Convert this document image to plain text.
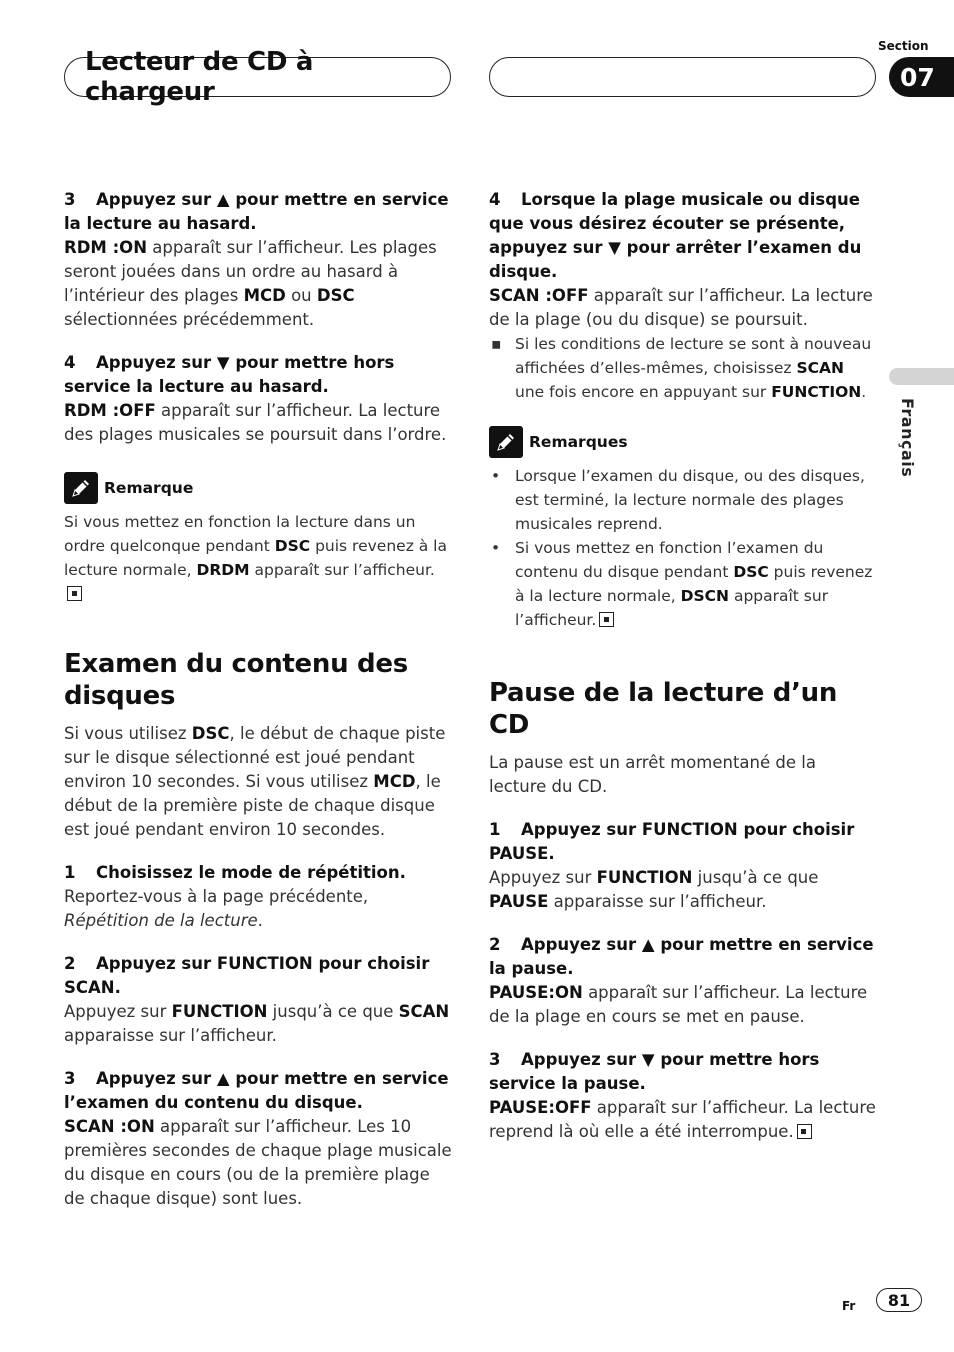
Lecteur de CD à chargeur
Section
07
Français
3 Appuyez sur ▲ pour mettre en service la lecture au hasard.
RDM :ON apparaît sur l’afficheur. Les plages seront jouées dans un ordre au hasard à l’intérieur des plages MCD ou DSC sélectionnées précédemment.
4 Appuyez sur ▼ pour mettre hors service la lecture au hasard.
RDM :OFF apparaît sur l’afficheur. La lecture des plages musicales se poursuit dans l’ordre.
Remarque
Si vous mettez en fonction la lecture dans un ordre quelconque pendant DSC puis revenez à la lecture normale, DRDM apparaît sur l’afficheur.
Examen du contenu des disques
Si vous utilisez DSC, le début de chaque piste sur le disque sélectionné est joué pendant environ 10 secondes. Si vous utilisez MCD, le début de la première piste de chaque disque est joué pendant environ 10 secondes.
1 Choisissez le mode de répétition.
Reportez-vous à la page précédente, Répétition de la lecture.
2 Appuyez sur FUNCTION pour choisir SCAN.
Appuyez sur FUNCTION jusqu’à ce que SCAN apparaisse sur l’afficheur.
3 Appuyez sur ▲ pour mettre en service l’examen du contenu du disque.
SCAN :ON apparaît sur l’afficheur. Les 10 premières secondes de chaque plage musicale du disque en cours (ou de la première plage de chaque disque) sont lues.
4 Lorsque la plage musicale ou disque que vous désirez écouter se présente, appuyez sur ▼ pour arrêter l’examen du disque.
SCAN :OFF apparaît sur l’afficheur. La lecture de la plage (ou du disque) se poursuit.
▪ Si les conditions de lecture se sont à nouveau affichées d’elles-mêmes, choisissez SCAN une fois encore en appuyant sur FUNCTION.
Remarques
• Lorsque l’examen du disque, ou des disques, est terminé, la lecture normale des plages musicales reprend.
• Si vous mettez en fonction l’examen du contenu du disque pendant DSC puis revenez à la lecture normale, DSCN apparaît sur l’afficheur.
Pause de la lecture d’un CD
La pause est un arrêt momentané de la lecture du CD.
1 Appuyez sur FUNCTION pour choisir PAUSE.
Appuyez sur FUNCTION jusqu’à ce que PAUSE apparaisse sur l’afficheur.
2 Appuyez sur ▲ pour mettre en service la pause.
PAUSE:ON apparaît sur l’afficheur. La lecture de la plage en cours se met en pause.
3 Appuyez sur ▼ pour mettre hors service la pause.
PAUSE:OFF apparaît sur l’afficheur. La lecture reprend là où elle a été interrompue.
Fr	81
